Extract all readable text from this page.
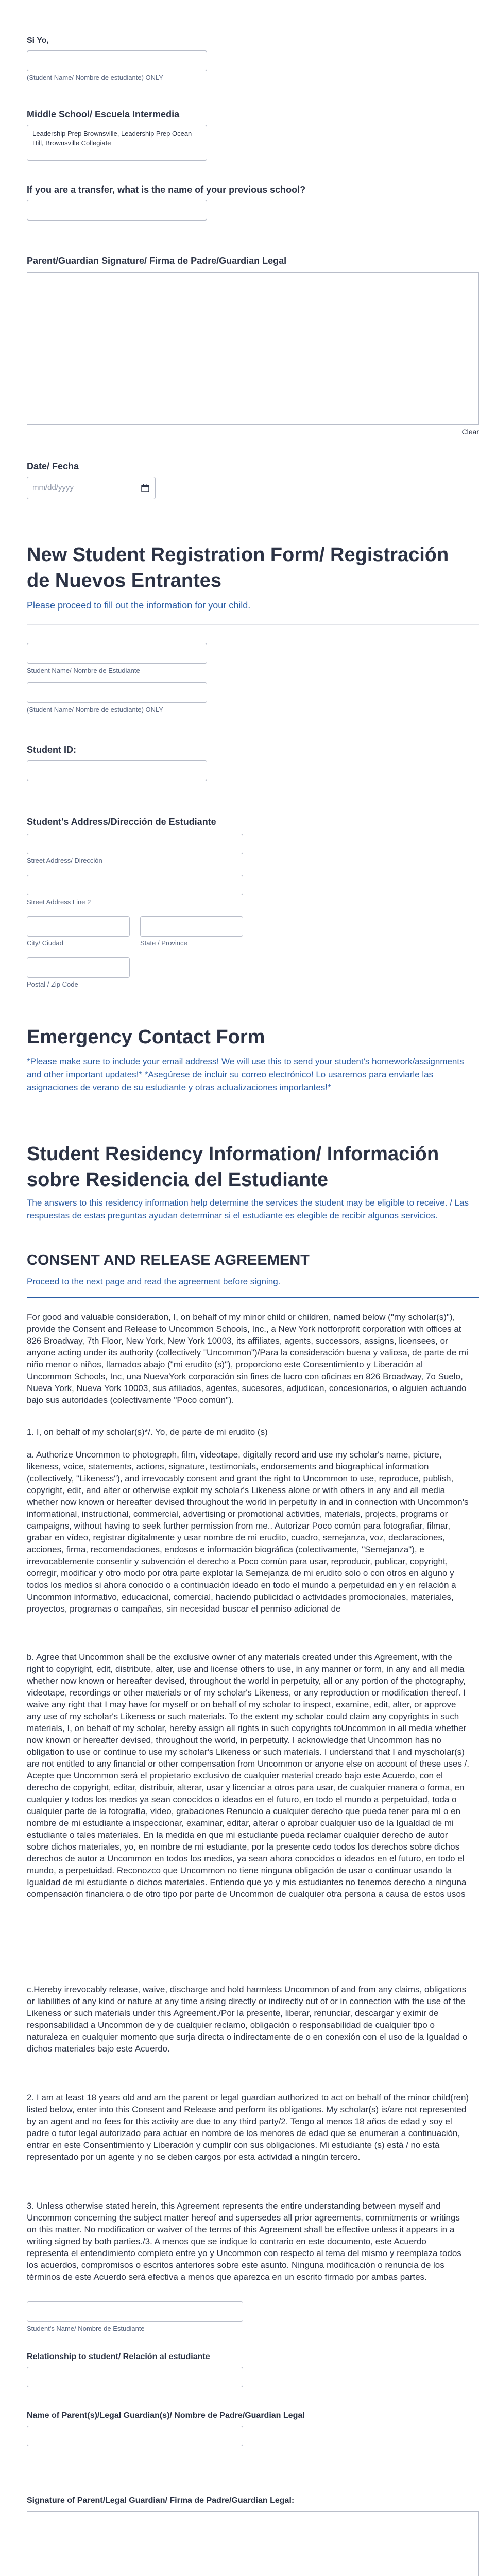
Si Yo,
(Student Name/ Nombre de estudiante) ONLY
Middle School/ Escuela Intermedia
Leadership Prep Brownsville, Leadership Prep Ocean Hill, Brownsville Collegiate
If you are a transfer, what is the name of your previous school?
Parent/Guardian Signature/ Firma de Padre/Guardian Legal
Clear
Date/ Fecha
mm/dd/yyyy
New Student Registration Form/ Registración de Nuevos Entrantes
Please proceed to fill out the information for your child.
Student Name/ Nombre de Estudiante
(Student Name/ Nombre de estudiante) ONLY
Student ID:
Student's Address/Dirección de Estudiante
Street Address/ Dirección
Street Address Line 2
City/ Ciudad	State / Province
Postal / Zip Code
Emergency Contact Form
*Please make sure to include your email address! We will use this to send your student's homework/assignments and other important updates!* *Asegúrese de incluir su correo electrónico! Lo usaremos para enviarle las asignaciones de verano de su estudiante y otras actualizaciones importantes!*
Student Residency Information/ Información sobre Residencia del Estudiante
The answers to this residency information help determine the services the student may be eligible to receive. / Las respuestas de estas preguntas ayudan determinar si el estudiante es elegible de recibir algunos servicios.
CONSENT AND RELEASE AGREEMENT
Proceed to the next page and read the agreement before signing.
For good and valuable consideration, I, on behalf of my minor child or children, named below ("my scholar(s)"), provide the Consent and Release to Uncommon Schools, Inc., a New York notforprofit corporation with offices at 826 Broadway, 7th Floor, New York, New York 10003, its affiliates, agents, successors, assigns, licensees, or anyone acting under its authority (collectively "Uncommon")/Para la consideración buena y valiosa, de parte de mi niño menor o niños, llamados abajo ("mi erudito (s)"), proporciono este Consentimiento y Liberación al Uncommon Schools, Inc, una NuevaYork corporación sin fines de lucro con oficinas en 826 Broadway, 7o Suelo, Nueva York, Nueva York 10003, sus afiliados, agentes, sucesores, adjudican, concesionarios, o alguien actuando bajo sus autoridades (colectivamente "Poco común").
1. I, on behalf of my scholar(s)*/. Yo, de parte de mi erudito (s)
a. Authorize Uncommon to photograph, film, videotape, digitally record and use my scholar's name, picture, likeness, voice, statements, actions, signature, testimonials, endorsements and biographical information (collectively, "Likeness"), and irrevocably consent and grant the right to Uncommon to use, reproduce, publish, copyright, edit, and alter or otherwise exploit my scholar's Likeness alone or with others in any and all media whether now known or hereafter devised throughout the world in perpetuity in and in connection with Uncommon's informational, instructional, commercial, advertising or promotional activities, materials, projects, programs or campaigns, without having to seek further permission from me.. Autorizar Poco común para fotografiar, filmar, grabar en vídeo, registrar digitalmente y usar nombre de mi erudito, cuadro, semejanza, voz, declaraciones, acciones, firma, recomendaciones, endosos e información biográfica (colectivamente, "Semejanza"), e irrevocablemente consentir y subvención el derecho a Poco común para usar, reproducir, publicar, copyright, corregir, modificar y otro modo por otra parte explotar la Semejanza de mi erudito solo o con otros en alguno y todos los medios si ahora conocido o a continuación ideado en todo el mundo a perpetuidad en y en relación a Uncommon informativo, educacional, comercial, haciendo publicidad o actividades promocionales, materiales, proyectos, programas o campañas, sin necesidad buscar el permiso adicional de
b. Agree that Uncommon shall be the exclusive owner of any materials created under this Agreement, with the right to copyright, edit, distribute, alter, use and license others to use, in any manner or form, in any and all media whether now known or hereafter devised, throughout the world in perpetuity, all or any portion of the photography, videotape, recordings or other materials or of my scholar's Likeness, or any reproduction or modification thereof. I waive any right that I may have for myself or on behalf of my scholar to inspect, examine, edit, alter, or approve any use of my scholar's Likeness or such materials. To the extent my scholar could claim any copyrights in such materials, I, on behalf of my scholar, hereby assign all rights in such copyrights toUncommon in all media whether now known or hereafter devised, throughout the world, in perpetuity. I acknowledge that Uncommon has no obligation to use or continue to use my scholar's Likeness or such materials. I understand that I and myscholar(s) are not entitled to any financial or other compensation from Uncommon or anyone else on account of these uses /. Acepte que Uncommon será el propietario exclusivo de cualquier material creado bajo este Acuerdo, con el derecho de copyright, editar, distribuir, alterar, usar y licenciar a otros para usar, de cualquier manera o forma, en cualquier y todos los medios ya sean conocidos o ideados en el futuro, en todo el mundo a perpetuidad, toda o cualquier parte de la fotografía, video, grabaciones Renuncio a cualquier derecho que pueda tener para mí o en nombre de mi estudiante a inspeccionar, examinar, editar, alterar o aprobar cualquier uso de la Igualdad de mi estudiante o tales materiales. En la medida en que mi estudiante pueda reclamar cualquier derecho de autor sobre dichos materiales, yo, en nombre de mi estudiante, por la presente cedo todos los derechos sobre dichos derechos de autor a Uncommon en todos los medios, ya sean ahora conocidos o ideados en el futuro, en todo el mundo, a perpetuidad. Reconozco que Uncommon no tiene ninguna obligación de usar o continuar usando la Igualdad de mi estudiante o dichos materiales. Entiendo que yo y mis estudiantes no tenemos derecho a ninguna compensación financiera o de otro tipo por parte de Uncommon de cualquier otra persona a causa de estos usos
c.Hereby irrevocably release, waive, discharge and hold harmless Uncommon of and from any claims, obligations or liabilities of any kind or nature at any time arising directly or indirectly out of or in connection with the use of the Likeness or such materials under this Agreement./Por la presente, liberar, renunciar, descargar y eximir de responsabilidad a Uncommon de y de cualquier reclamo, obligación o responsabilidad de cualquier tipo o naturaleza en cualquier momento que surja directa o indirectamente de o en conexión con el uso de la Igualdad o dichos materiales bajo este Acuerdo.
2. I am at least 18 years old and am the parent or legal guardian authorized to act on behalf of the minor child(ren) listed below, enter into this Consent and Release and perform its obligations. My scholar(s) is/are not represented by an agent and no fees for this activity are due to any third party/2. Tengo al menos 18 años de edad y soy el padre o tutor legal autorizado para actuar en nombre de los menores de edad que se enumeran a continuación, entrar en este Consentimiento y Liberación y cumplir con sus obligaciones. Mi estudiante (s) está / no está representado por un agente y no se deben cargos por esta actividad a ningún tercero.
3. Unless otherwise stated herein, this Agreement represents the entire understanding between myself and Uncommon concerning the subject matter hereof and supersedes all prior agreements, commitments or writings on this matter. No modification or waiver of the terms of this Agreement shall be effective unless it appears in a writing signed by both parties./3. A menos que se indique lo contrario en este documento, este Acuerdo representa el entendimiento completo entre yo y Uncommon con respecto al tema del mismo y reemplaza todos los acuerdos, compromisos o escritos anteriores sobre este asunto. Ninguna modificación o renuncia de los términos de este Acuerdo será efectiva a menos que aparezca en un escrito firmado por ambas partes.
Student's Name/ Nombre de Estudiante
Relationship to student/ Relación al estudiante
Name of Parent(s)/Legal Guardian(s)/ Nombre de Padre/Guardian Legal
Signature of Parent/Legal Guardian/ Firma de Padre/Guardian Legal:
